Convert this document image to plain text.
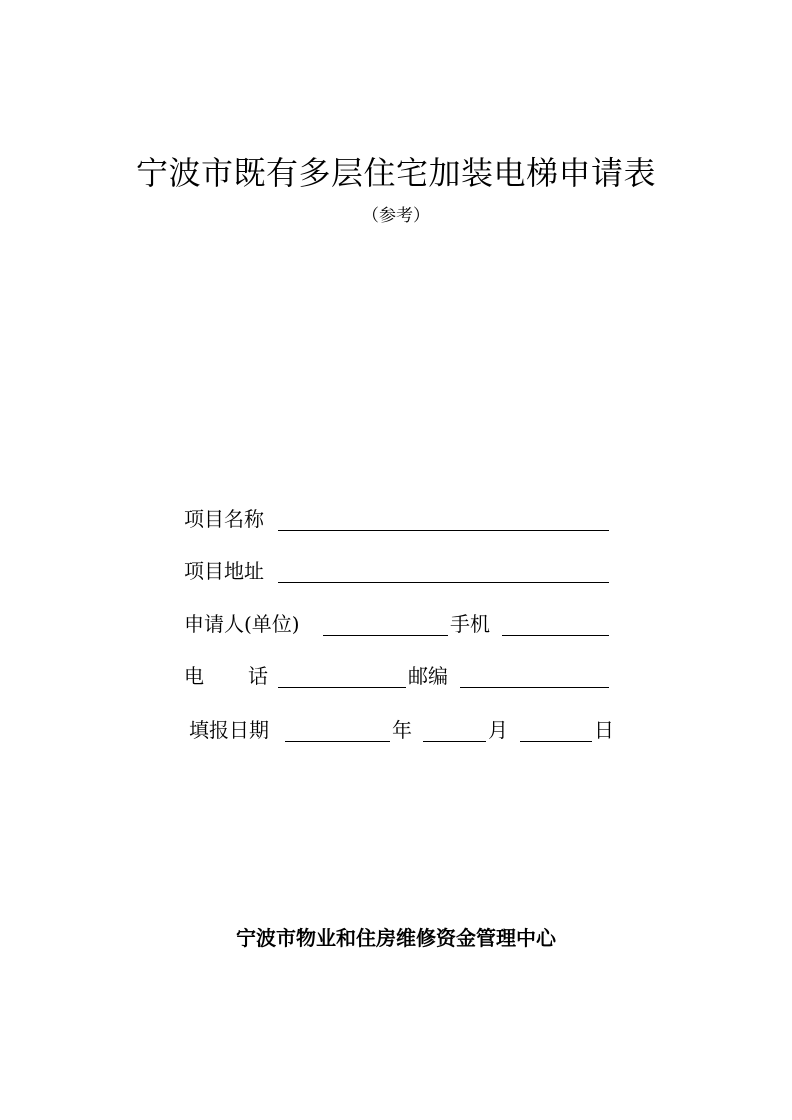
宁波市既有多层住宅加装电梯申请表
（参考）
项目名称
项目地址
申请人(单位)	手机
电 话	邮编
填报日期	年	月	日
宁波市物业和住房维修资金管理中心
